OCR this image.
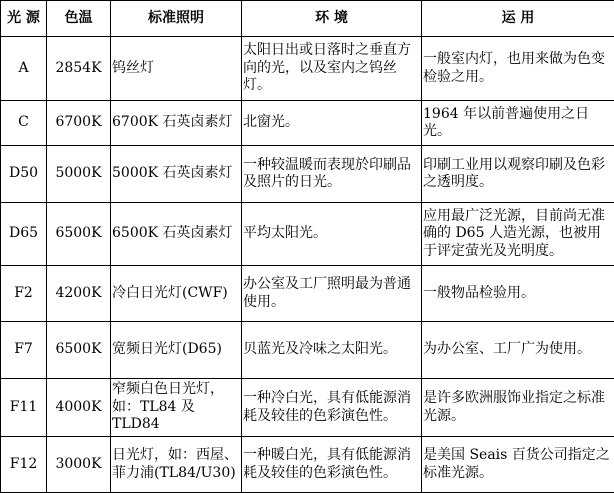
光 源	色温	标准照明	环 境	运 用
A	2854K	钨丝灯	太阳日出或日落时之垂直方向的光，以及室内之钨丝灯。	一般室内灯，也用来做为色变检验之用。
C	6700K	6700K 石英卤素灯	北窗光。	1964 年以前普遍使用之日光。
D50	5000K	5000K 石英卤素灯	一种较温暖而表现於印刷品及照片的日光。	印刷工业用以观察印刷及色彩之透明度。
D65	6500K	6500K 石英卤素灯	平均太阳光。	应用最广泛光源，目前尚无准确的 D65 人造光源，也被用于评定萤光及光明度。
F2	4200K	冷白日光灯(CWF)	办公室及工厂照明最为普通使用。	一般物品检验用。
F7	6500K	宽频日光灯(D65)	贝蓝光及冷味之太阳光。	为办公室、工厂广为使用。
F11	4000K	窄频白色日光灯，如：TL84 及 TLD84	一种冷白光，具有低能源消耗及较佳的色彩演色性。	是许多欧洲服饰业指定之标准光源。
F12	3000K	日光灯，如：西屋、菲力浦(TL84/U30)	一种暖白光，具有低能源消耗及较佳的色彩演色性。	是美国 Seais 百货公司指定之标准光源。
